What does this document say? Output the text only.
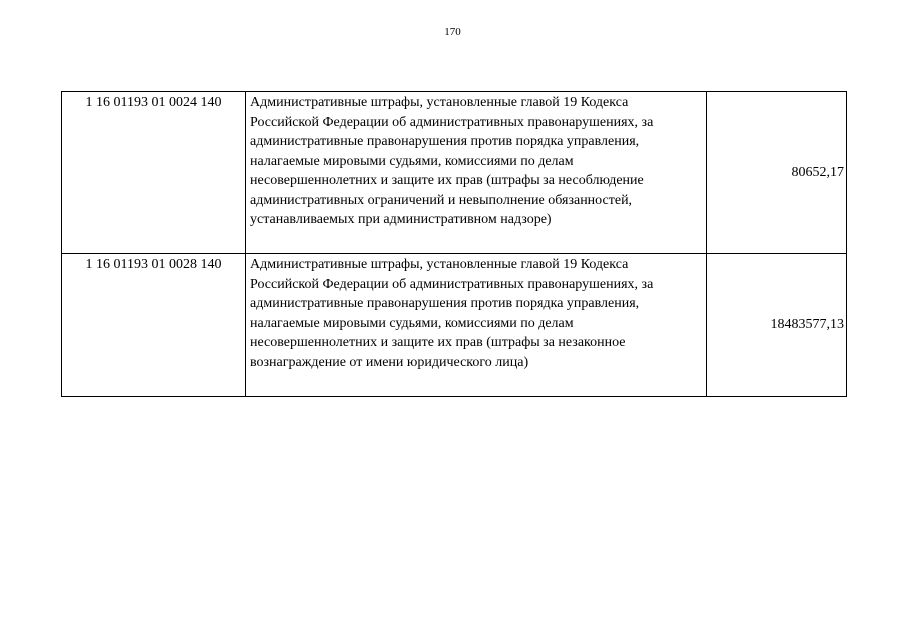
170
1 16 01193 01 0024 140	Административные штрафы, установленные главой 19 Кодекса
Российской Федерации об административных правонарушениях, за
административные правонарушения против порядка управления,
налагаемые мировыми судьями, комиссиями по делам
несовершеннолетних и защите их прав (штрафы за несоблюдение
административных ограничений и невыполнение обязанностей,
устанавливаемых при административном надзоре)
	80652,17
1 16 01193 01 0028 140	Административные штрафы, установленные главой 19 Кодекса
Российской Федерации об административных правонарушениях, за
административные правонарушения против порядка управления,
налагаемые мировыми судьями, комиссиями по делам
несовершеннолетних и защите их прав (штрафы за незаконное
вознаграждение от имени юридического лица)
	18483577,13
